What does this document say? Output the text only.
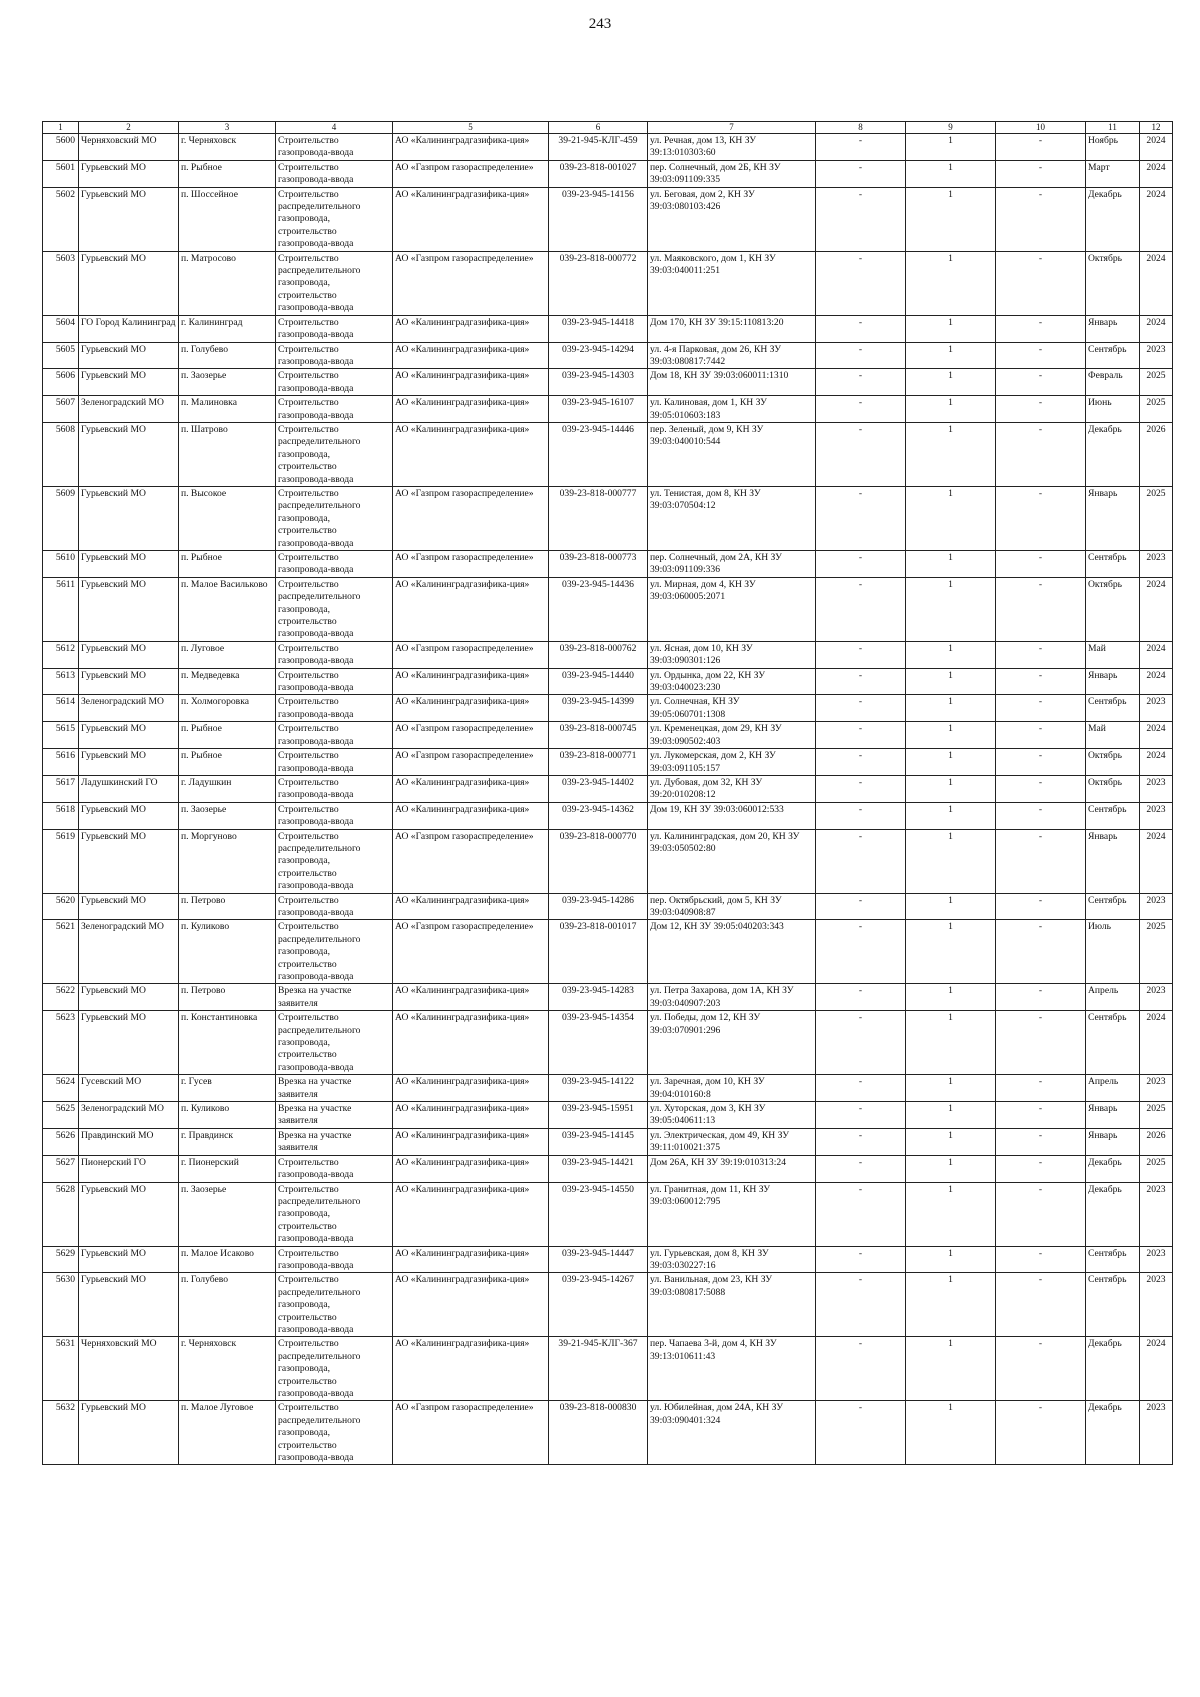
243
1	2	3	4	5	6	7	8	9	10	11	12
5600	Черняховский МО	г. Черняховск	Строительство газопровода-ввода	АО «Калининградгазифика-ция»	39-21-945-КЛГ-459	ул. Речная, дом 13, КН ЗУ 39:13:010303:60	-	1	-	Ноябрь	2024
5601	Гурьевский МО	п. Рыбное	Строительство газопровода-ввода	АО «Газпром газораспределение»	039-23-818-001027	пер. Солнечный, дом 2Б, КН ЗУ 39:03:091109:335	-	1	-	Март	2024
5602	Гурьевский МО	п. Шоссейное	Строительство распределительного газопровода, строительство газопровода-ввода	АО «Калининградгазифика-ция»	039-23-945-14156	ул. Беговая, дом 2, КН ЗУ 39:03:080103:426	-	1	-	Декабрь	2024
5603	Гурьевский МО	п. Матросово	Строительство распределительного газопровода, строительство газопровода-ввода	АО «Газпром газораспределение»	039-23-818-000772	ул. Маяковского, дом 1, КН ЗУ 39:03:040011:251	-	1	-	Октябрь	2024
5604	ГО Город Калининград	г. Калининград	Строительство газопровода-ввода	АО «Калининградгазифика-ция»	039-23-945-14418	Дом 170, КН ЗУ 39:15:110813:20	-	1	-	Январь	2024
5605	Гурьевский МО	п. Голубево	Строительство газопровода-ввода	АО «Калининградгазифика-ция»	039-23-945-14294	ул. 4-я Парковая, дом 26, КН ЗУ 39:03:080817:7442	-	1	-	Сентябрь	2023
5606	Гурьевский МО	п. Заозерье	Строительство газопровода-ввода	АО «Калининградгазифика-ция»	039-23-945-14303	Дом 18, КН ЗУ 39:03:060011:1310	-	1	-	Февраль	2025
5607	Зеленоградский МО	п. Малиновка	Строительство газопровода-ввода	АО «Калининградгазифика-ция»	039-23-945-16107	ул. Калиновая, дом 1, КН ЗУ 39:05:010603:183	-	1	-	Июнь	2025
5608	Гурьевский МО	п. Шатрово	Строительство распределительного газопровода, строительство газопровода-ввода	АО «Калининградгазифика-ция»	039-23-945-14446	пер. Зеленый, дом 9, КН ЗУ 39:03:040010:544	-	1	-	Декабрь	2026
5609	Гурьевский МО	п. Высокое	Строительство распределительного газопровода, строительство газопровода-ввода	АО «Газпром газораспределение»	039-23-818-000777	ул. Тенистая, дом 8, КН ЗУ 39:03:070504:12	-	1	-	Январь	2025
5610	Гурьевский МО	п. Рыбное	Строительство газопровода-ввода	АО «Газпром газораспределение»	039-23-818-000773	пер. Солнечный, дом 2А, КН ЗУ 39:03:091109:336	-	1	-	Сентябрь	2023
5611	Гурьевский МО	п. Малое Васильково	Строительство распределительного газопровода, строительство газопровода-ввода	АО «Калининградгазифика-ция»	039-23-945-14436	ул. Мирная, дом 4, КН ЗУ 39:03:060005:2071	-	1	-	Октябрь	2024
5612	Гурьевский МО	п. Луговое	Строительство газопровода-ввода	АО «Газпром газораспределение»	039-23-818-000762	ул. Ясная, дом 10, КН ЗУ 39:03:090301:126	-	1	-	Май	2024
5613	Гурьевский МО	п. Медведевка	Строительство газопровода-ввода	АО «Калининградгазифика-ция»	039-23-945-14440	ул. Ордынка, дом 22, КН ЗУ 39:03:040023:230	-	1	-	Январь	2024
5614	Зеленоградский МО	п. Холмогоровка	Строительство газопровода-ввода	АО «Калининградгазифика-ция»	039-23-945-14399	ул. Солнечная, КН ЗУ 39:05:060701:1308	-	1	-	Сентябрь	2023
5615	Гурьевский МО	п. Рыбное	Строительство газопровода-ввода	АО «Газпром газораспределение»	039-23-818-000745	ул. Кременецкая, дом 29, КН ЗУ 39:03:090502:403	-	1	-	Май	2024
5616	Гурьевский МО	п. Рыбное	Строительство газопровода-ввода	АО «Газпром газораспределение»	039-23-818-000771	ул. Лукомерская, дом 2, КН ЗУ 39:03:091105:157	-	1	-	Октябрь	2024
5617	Ладушкинский ГО	г. Ладушкин	Строительство газопровода-ввода	АО «Калининградгазифика-ция»	039-23-945-14402	ул. Дубовая, дом 32, КН ЗУ 39:20:010208:12	-	1	-	Октябрь	2023
5618	Гурьевский МО	п. Заозерье	Строительство газопровода-ввода	АО «Калининградгазифика-ция»	039-23-945-14362	Дом 19, КН ЗУ 39:03:060012:533	-	1	-	Сентябрь	2023
5619	Гурьевский МО	п. Моргуново	Строительство распределительного газопровода, строительство газопровода-ввода	АО «Газпром газораспределение»	039-23-818-000770	ул. Калининградская, дом 20, КН ЗУ 39:03:050502:80	-	1	-	Январь	2024
5620	Гурьевский МО	п. Петрово	Строительство газопровода-ввода	АО «Калининградгазифика-ция»	039-23-945-14286	пер. Октябрьский, дом 5, КН ЗУ 39:03:040908:87	-	1	-	Сентябрь	2023
5621	Зеленоградский МО	п. Куликово	Строительство распределительного газопровода, строительство газопровода-ввода	АО «Газпром газораспределение»	039-23-818-001017	Дом 12, КН ЗУ 39:05:040203:343	-	1	-	Июль	2025
5622	Гурьевский МО	п. Петрово	Врезка на участке заявителя	АО «Калининградгазифика-ция»	039-23-945-14283	ул. Петра Захарова, дом 1А, КН ЗУ 39:03:040907:203	-	1	-	Апрель	2023
5623	Гурьевский МО	п. Константиновка	Строительство распределительного газопровода, строительство газопровода-ввода	АО «Калининградгазифика-ция»	039-23-945-14354	ул. Победы, дом 12, КН ЗУ 39:03:070901:296	-	1	-	Сентябрь	2024
5624	Гусевский МО	г. Гусев	Врезка на участке заявителя	АО «Калининградгазифика-ция»	039-23-945-14122	ул. Заречная, дом 10, КН ЗУ 39:04:010160:8	-	1	-	Апрель	2023
5625	Зеленоградский МО	п. Куликово	Врезка на участке заявителя	АО «Калининградгазифика-ция»	039-23-945-15951	ул. Хуторская, дом 3, КН ЗУ 39:05:040611:13	-	1	-	Январь	2025
5626	Правдинский МО	г. Правдинск	Врезка на участке заявителя	АО «Калининградгазифика-ция»	039-23-945-14145	ул. Электрическая, дом 49, КН ЗУ 39:11:010021:375	-	1	-	Январь	2026
5627	Пионерский ГО	г. Пионерский	Строительство газопровода-ввода	АО «Калининградгазифика-ция»	039-23-945-14421	Дом 26А, КН ЗУ 39:19:010313:24	-	1	-	Декабрь	2025
5628	Гурьевский МО	п. Заозерье	Строительство распределительного газопровода, строительство газопровода-ввода	АО «Калининградгазифика-ция»	039-23-945-14550	ул. Гранитная, дом 11, КН ЗУ 39:03:060012:795	-	1	-	Декабрь	2023
5629	Гурьевский МО	п. Малое Исаково	Строительство газопровода-ввода	АО «Калининградгазифика-ция»	039-23-945-14447	ул. Гурьевская, дом 8, КН ЗУ 39:03:030227:16	-	1	-	Сентябрь	2023
5630	Гурьевский МО	п. Голубево	Строительство распределительного газопровода, строительство газопровода-ввода	АО «Калининградгазифика-ция»	039-23-945-14267	ул. Ванильная, дом 23, КН ЗУ 39:03:080817:5088	-	1	-	Сентябрь	2023
5631	Черняховский МО	г. Черняховск	Строительство распределительного газопровода, строительство газопровода-ввода	АО «Калининградгазифика-ция»	39-21-945-КЛГ-367	пер. Чапаева 3-й, дом 4, КН ЗУ 39:13:010611:43	-	1	-	Декабрь	2024
5632	Гурьевский МО	п. Малое Луговое	Строительство распределительного газопровода, строительство газопровода-ввода	АО «Газпром газораспределение»	039-23-818-000830	ул. Юбилейная, дом 24А, КН ЗУ 39:03:090401:324	-	1	-	Декабрь	2023
